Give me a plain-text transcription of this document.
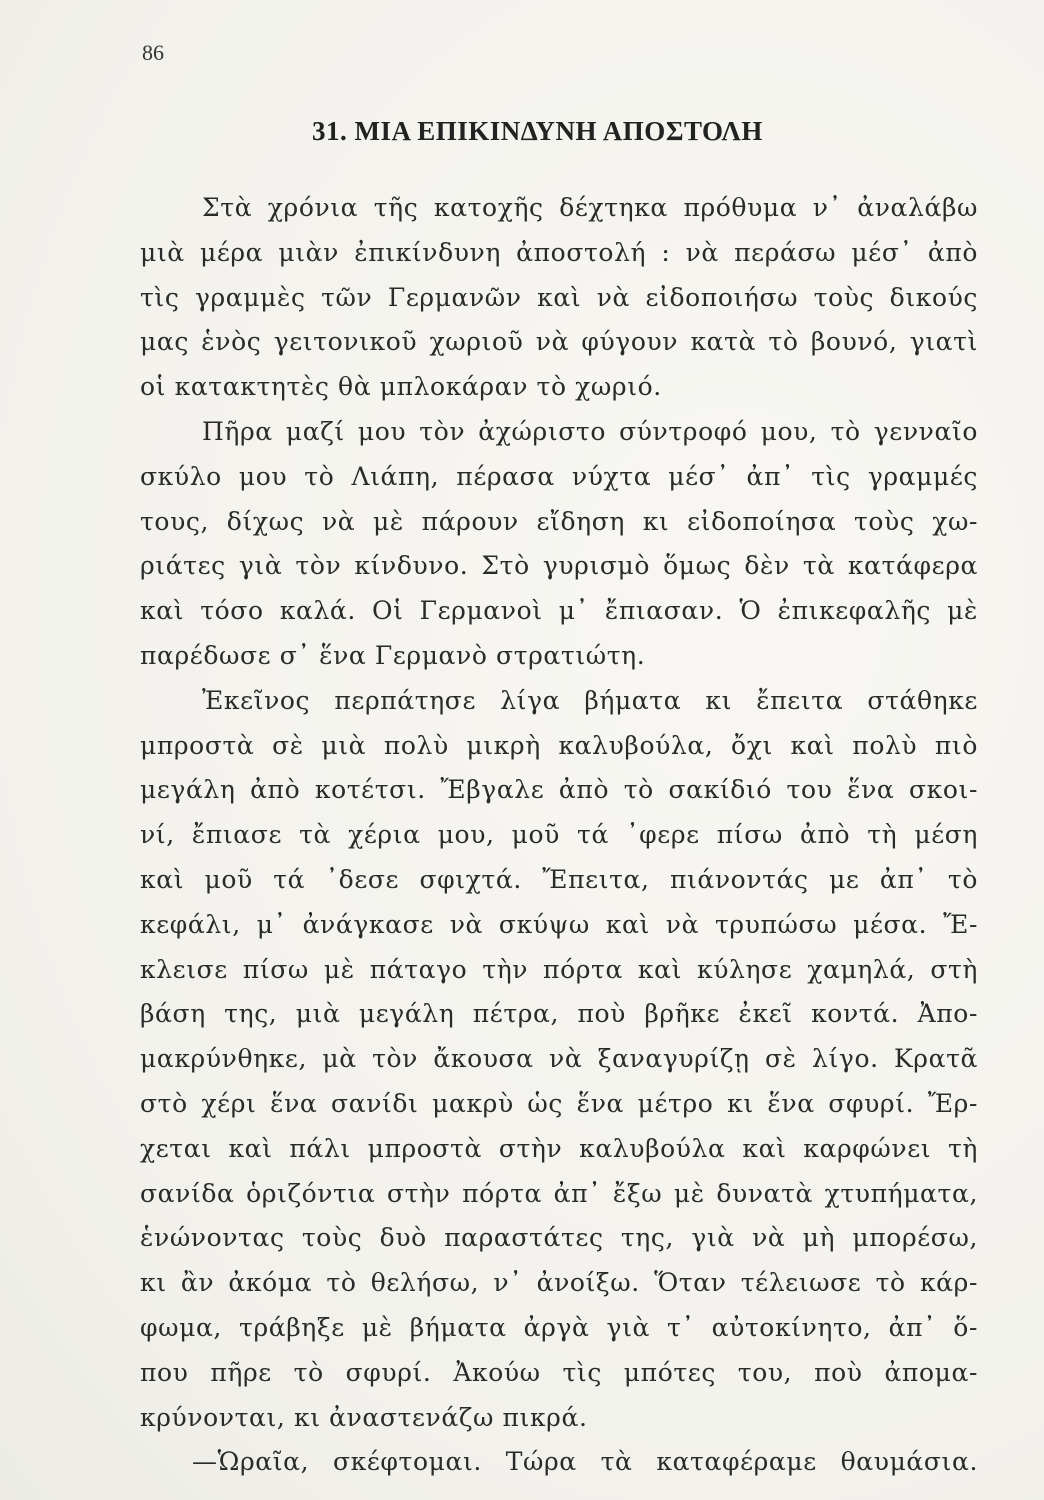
86
31. ΜΙΑ ΕΠΙΚΙΝΔΥΝΗ ΑΠΟΣΤΟΛΗ
Στὰ χρόνια τῆς κατοχῆς δέχτηκα πρόθυμα ν᾽ ἀναλάβω
μιὰ μέρα μιὰν ἐπικίνδυνη ἀποστολή : νὰ περάσω μέσ᾽ ἀπὸ
τὶς γραμμὲς τῶν Γερμανῶν καὶ νὰ εἰδοποιήσω τοὺς δικούς
μας ἑνὸς γειτονικοῦ χωριοῦ νὰ φύγουν κατὰ τὸ βουνό, γιατὶ
οἱ κατακτητὲς θὰ μπλοκάραν τὸ χωριό.
Πῆρα μαζί μου τὸν ἀχώριστο σύντροφό μου, τὸ γενναῖο
σκύλο μου τὸ Λιάπη, πέρασα νύχτα μέσ᾽ ἀπ᾽ τὶς γραμμές
τους, δίχως νὰ μὲ πάρουν εἴδηση κι εἰδοποίησα τοὺς χω-
ριάτες γιὰ τὸν κίνδυνο. Στὸ γυρισμὸ ὅμως δὲν τὰ κατάφερα
καὶ τόσο καλά. Οἱ Γερμανοὶ μ᾽ ἔπιασαν. Ὁ ἐπικεφαλῆς μὲ
παρέδωσε σ᾽ ἕνα Γερμανὸ στρατιώτη.
Ἐκεῖνος περπάτησε λίγα βήματα κι ἔπειτα στάθηκε
μπροστὰ σὲ μιὰ πολὺ μικρὴ καλυβούλα, ὄχι καὶ πολὺ πιὸ
μεγάλη ἀπὸ κοτέτσι. Ἔβγαλε ἀπὸ τὸ σακίδιό του ἕνα σκοι-
νί, ἔπιασε τὰ χέρια μου, μοῦ τά ᾽φερε πίσω ἀπὸ τὴ μέση
καὶ μοῦ τά ᾽δεσε σφιχτά. Ἔπειτα, πιάνοντάς με ἀπ᾽ τὸ
κεφάλι, μ᾽ ἀνάγκασε νὰ σκύψω καὶ νὰ τρυπώσω μέσα. Ἔ-
κλεισε πίσω μὲ πάταγο τὴν πόρτα καὶ κύλησε χαμηλά, στὴ
βάση της, μιὰ μεγάλη πέτρα, ποὺ βρῆκε ἐκεῖ κοντά. Ἀπο-
μακρύνθηκε, μὰ τὸν ἄκουσα νὰ ξαναγυρίζῃ σὲ λίγο. Κρατᾶ
στὸ χέρι ἕνα σανίδι μακρὺ ὡς ἕνα μέτρο κι ἕνα σφυρί. Ἔρ-
χεται καὶ πάλι μπροστὰ στὴν καλυβούλα καὶ καρφώνει τὴ
σανίδα ὁριζόντια στὴν πόρτα ἀπ᾽ ἔξω μὲ δυνατὰ χτυπήματα,
ἑνώνοντας τοὺς δυὸ παραστάτες της, γιὰ νὰ μὴ μπορέσω,
κι ἂν ἀκόμα τὸ θελήσω, ν᾽ ἀνοίξω. Ὅταν τέλειωσε τὸ κάρ-
φωμα, τράβηξε μὲ βήματα ἀργὰ γιὰ τ᾽ αὐτοκίνητο, ἀπ᾽ ὅ-
που πῆρε τὸ σφυρί. Ἀκούω τὶς μπότες του, ποὺ ἀπομα-
κρύνονται, κι ἀναστενάζω πικρά.
—Ὡραῖα, σκέφτομαι. Τώρα τὰ καταφέραμε θαυμάσια.
